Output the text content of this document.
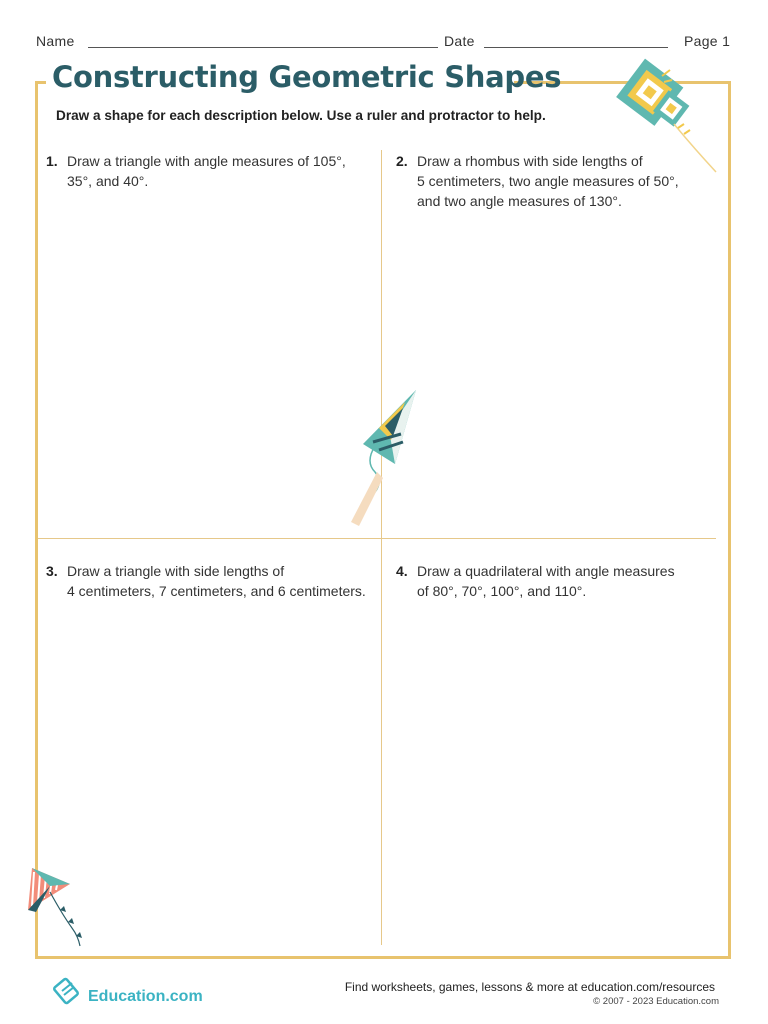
Name	Date	Page 1
Constructing Geometric Shapes
Draw a shape for each description below. Use a ruler and protractor to help.
1. Draw a triangle with angle measures of 105°,
35°, and 40°.
2. Draw a rhombus with side lengths of
5 centimeters, two angle measures of 50°,
and two angle measures of 130°.
3. Draw a triangle with side lengths of
4 centimeters, 7 centimeters, and 6 centimeters.
4. Draw a quadrilateral with angle measures
of 80°, 70°, 100°, and 110°.
Education.com
Find worksheets, games, lessons & more at education.com/resources
© 2007 - 2023 Education.com
